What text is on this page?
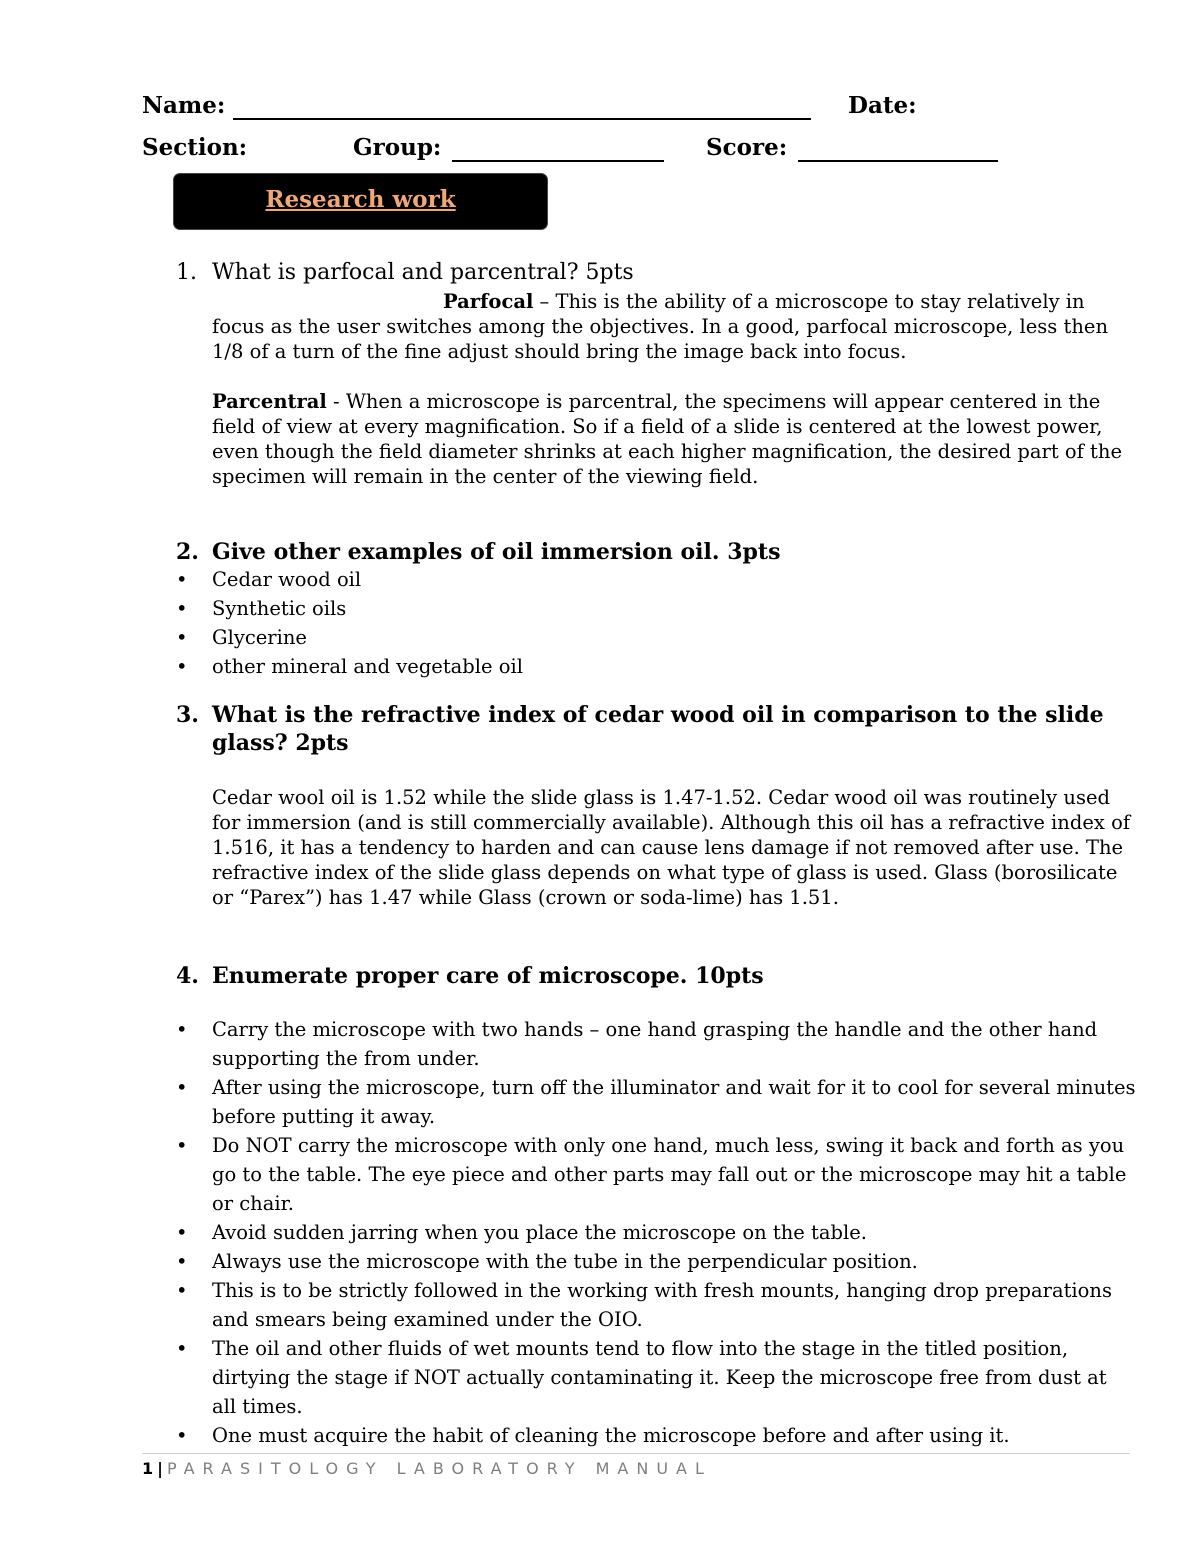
Name:	Date:
Section:	Group:	Score:
Research work
1. What is parfocal and parcentral? 5pts
Parfocal – This is the ability of a microscope to stay relatively in focus as the user switches among the objectives. In a good, parfocal microscope, less then 1/8 of a turn of the fine adjust should bring the image back into focus.
Parcentral - When a microscope is parcentral, the specimens will appear centered in the field of view at every magnification. So if a field of a slide is centered at the lowest power, even though the field diameter shrinks at each higher magnification, the desired part of the specimen will remain in the center of the viewing field.
2. Give other examples of oil immersion oil. 3pts
• Cedar wood oil
• Synthetic oils
• Glycerine
• other mineral and vegetable oil
3. What is the refractive index of cedar wood oil in comparison to the slide glass? 2pts
Cedar wool oil is 1.52 while the slide glass is 1.47-1.52. Cedar wood oil was routinely used for immersion (and is still commercially available). Although this oil has a refractive index of 1.516, it has a tendency to harden and can cause lens damage if not removed after use. The refractive index of the slide glass depends on what type of glass is used. Glass (borosilicate or “Parex”) has 1.47 while Glass (crown or soda-lime) has 1.51.
4. Enumerate proper care of microscope. 10pts
• Carry the microscope with two hands – one hand grasping the handle and the other hand supporting the from under.
• After using the microscope, turn off the illuminator and wait for it to cool for several minutes before putting it away.
• Do NOT carry the microscope with only one hand, much less, swing it back and forth as you go to the table. The eye piece and other parts may fall out or the microscope may hit a table or chair.
• Avoid sudden jarring when you place the microscope on the table.
• Always use the microscope with the tube in the perpendicular position.
• This is to be strictly followed in the working with fresh mounts, hanging drop preparations and smears being examined under the OIO.
• The oil and other fluids of wet mounts tend to flow into the stage in the titled position, dirtying the stage if NOT actually contaminating it. Keep the microscope free from dust at all times.
• One must acquire the habit of cleaning the microscope before and after using it.
1 | PARASITOLOGY LABORATORY MANUAL
